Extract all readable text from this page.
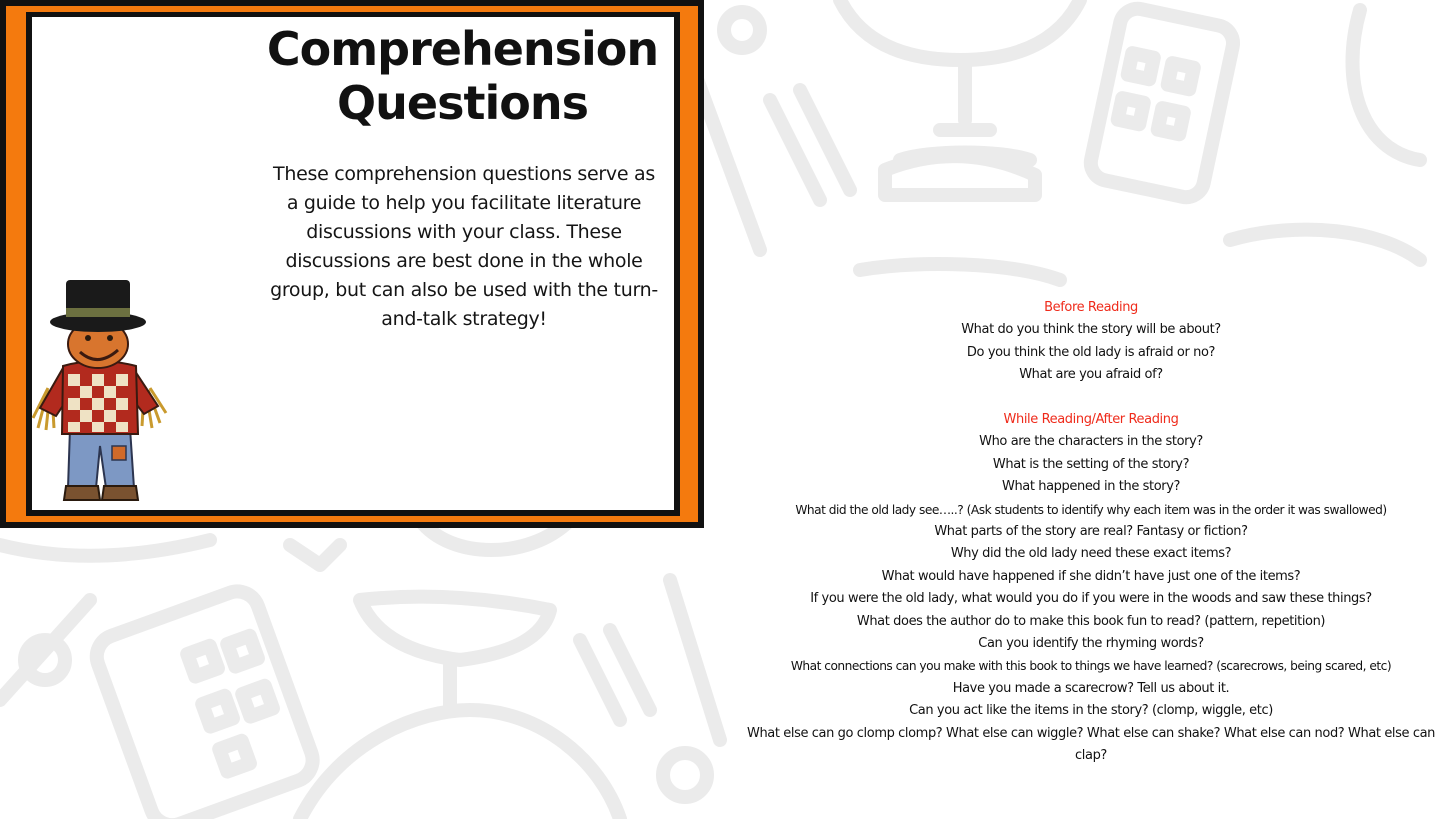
Comprehension
Questions

These comprehension questions serve as a guide to help you facilitate literature discussions with your class. These discussions are best done in the whole group, but can also be used with the turn-and-talk strategy!

Before Reading
What do you think the story will be about?
Do you think the old lady is afraid or no?
What are you afraid of?
While Reading/After Reading
Who are the characters in the story?
What is the setting of the story?
What happened in the story?
What did the old lady see…..? (Ask students to identify why each item was in the order it was swallowed)
What parts of the story are real? Fantasy or fiction?
Why did the old lady need these exact items?
What would have happened if she didn’t have just one of the items?
If you were the old lady, what would you do if you were in the woods and saw these things?
What does the author do to make this book fun to read? (pattern, repetition)
Can you identify the rhyming words?
What connections can you make with this book to things we have learned? (scarecrows, being scared, etc)
Have you made a scarecrow? Tell us about it.
Can you act like the items in the story? (clomp, wiggle, etc)
What else can go clomp clomp? What else can wiggle? What else can shake? What else can nod? What else can clap?
